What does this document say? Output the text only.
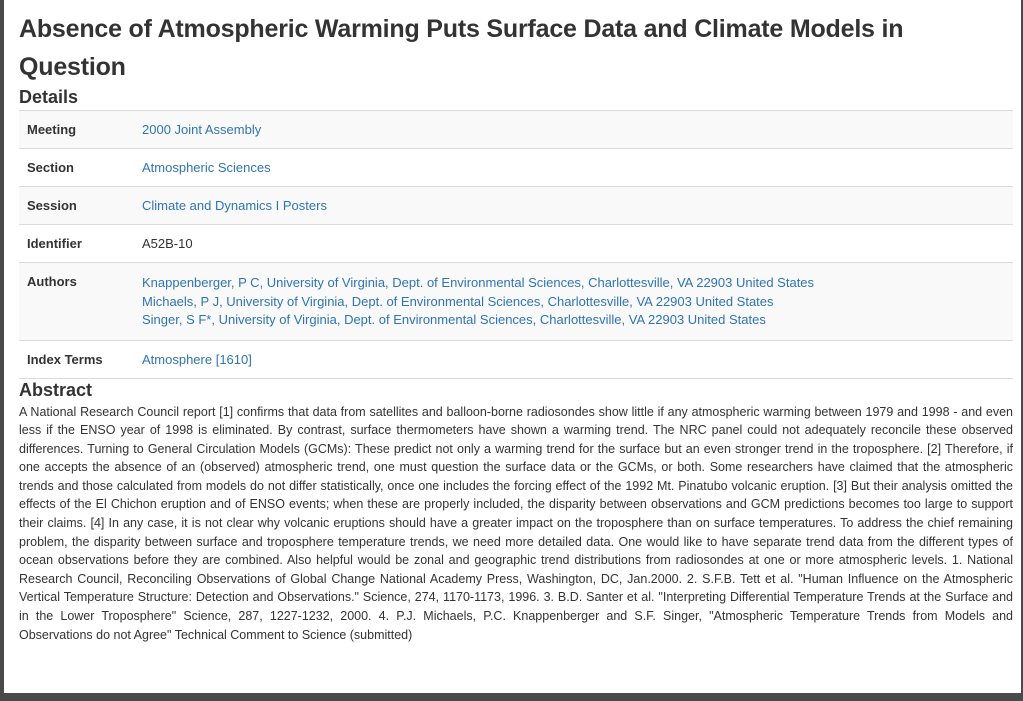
Absence of Atmospheric Warming Puts Surface Data and Climate Models in Question
Details
Meeting	2000 Joint Assembly
Section	Atmospheric Sciences
Session	Climate and Dynamics I Posters
Identifier	A52B-10
Authors	Knappenberger, P C, University of Virginia, Dept. of Environmental Sciences, Charlottesville, VA 22903 United States
Michaels, P J, University of Virginia, Dept. of Environmental Sciences, Charlottesville, VA 22903 United States
Singer, S F*, University of Virginia, Dept. of Environmental Sciences, Charlottesville, VA 22903 United States

Index Terms	Atmosphere [1610]
Abstract

A National Research Council report [1] confirms that data from satellites and balloon-borne radiosondes show little if any atmospheric warming between 1979 and 1998 - and even less if the ENSO year of 1998 is eliminated. By contrast, surface thermometers have shown a warming trend. The NRC panel could not adequately reconcile these observed differences. Turning to General Circulation Models (GCMs): These predict not only a warming trend for the surface but an even stronger trend in the troposphere. [2] Therefore, if one accepts the absence of an (observed) atmospheric trend, one must question the surface data or the GCMs, or both. Some researchers have claimed that the atmospheric trends and those calculated from models do not differ statistically, once one includes the forcing effect of the 1992 Mt. Pinatubo volcanic eruption. [3] But their analysis omitted the effects of the El Chichon eruption and of ENSO events; when these are properly included, the disparity between observations and GCM predictions becomes too large to support their claims. [4] In any case, it is not clear why volcanic eruptions should have a greater impact on the troposphere than on surface temperatures. To address the chief remaining problem, the disparity between surface and troposphere temperature trends, we need more detailed data. One would like to have separate trend data from the different types of ocean observations before they are combined. Also helpful would be zonal and geographic trend distributions from radiosondes at one or more atmospheric levels. 1. National Research Council, Reconciling Observations of Global Change National Academy Press, Washington, DC, Jan.2000. 2. S.F.B. Tett et al. "Human Influence on the Atmospheric Vertical Temperature Structure: Detection and Observations." Science, 274, 1170-1173, 1996. 3. B.D. Santer et al. "Interpreting Differential Temperature Trends at the Surface and in the Lower Troposphere" Science, 287, 1227-1232, 2000. 4. P.J. Michaels, P.C. Knappenberger and S.F. Singer, "Atmospheric Temperature Trends from Models and Observations do not Agree" Technical Comment to Science (submitted)
